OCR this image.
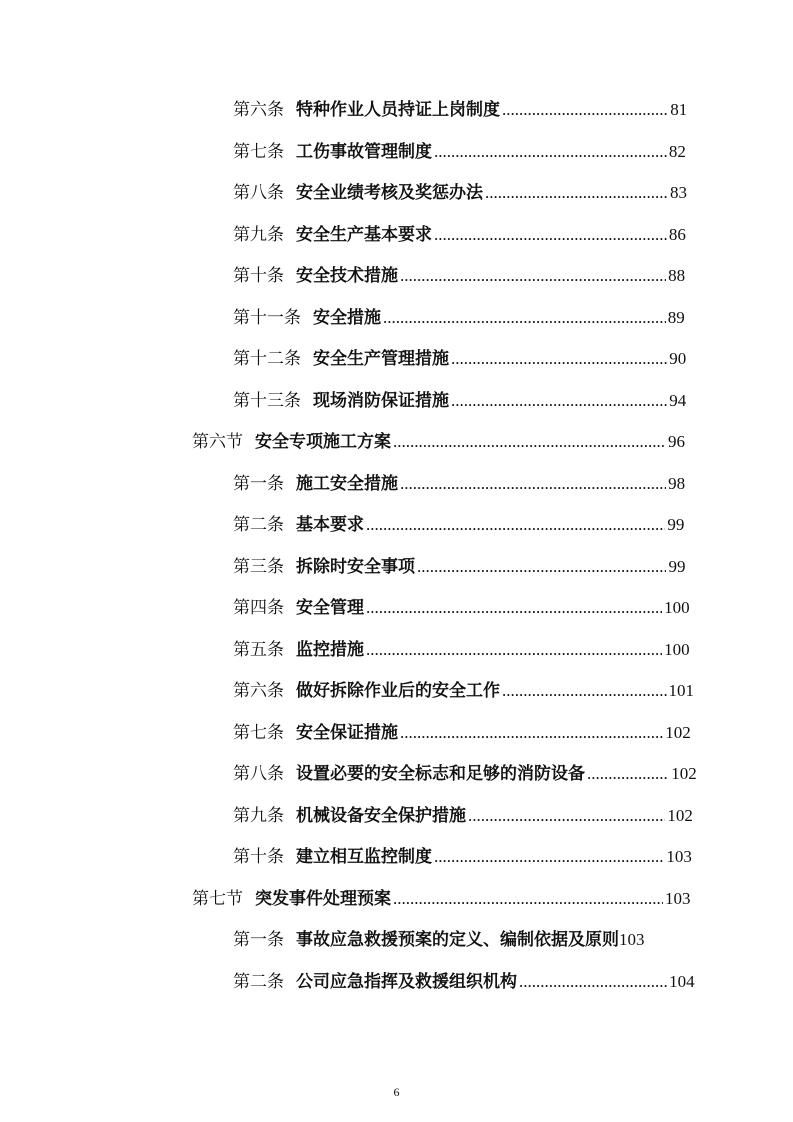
第六条 特种作业人员持证上岗制度 .....	81
第七条 工伤事故管理制度 .....	82
第八条 安全业绩考核及奖惩办法 .....	83
第九条 安全生产基本要求 .....	86
第十条 安全技术措施 .....	88
第十一条 安全措施 .....	89
第十二条 安全生产管理措施 .....	90
第十三条 现场消防保证措施 .....	94
第六节 安全专项施工方案 .....	96
第一条 施工安全措施 .....	98
第二条 基本要求 .....	99
第三条 拆除时安全事项 .....	99
第四条 安全管理 .....	100
第五条 监控措施 .....	100
第六条 做好拆除作业后的安全工作 .....	101
第七条 安全保证措施 .....	102
第八条 设置必要的安全标志和足够的消防设备 .....	102
第九条 机械设备安全保护措施 .....	102
第十条 建立相互监控制度 .....	103
第七节 突发事件处理预案 .....	103
第一条 事故应急救援预案的定义、编制依据及原则 103
第二条 公司应急指挥及救援组织机构 .....	104
6
